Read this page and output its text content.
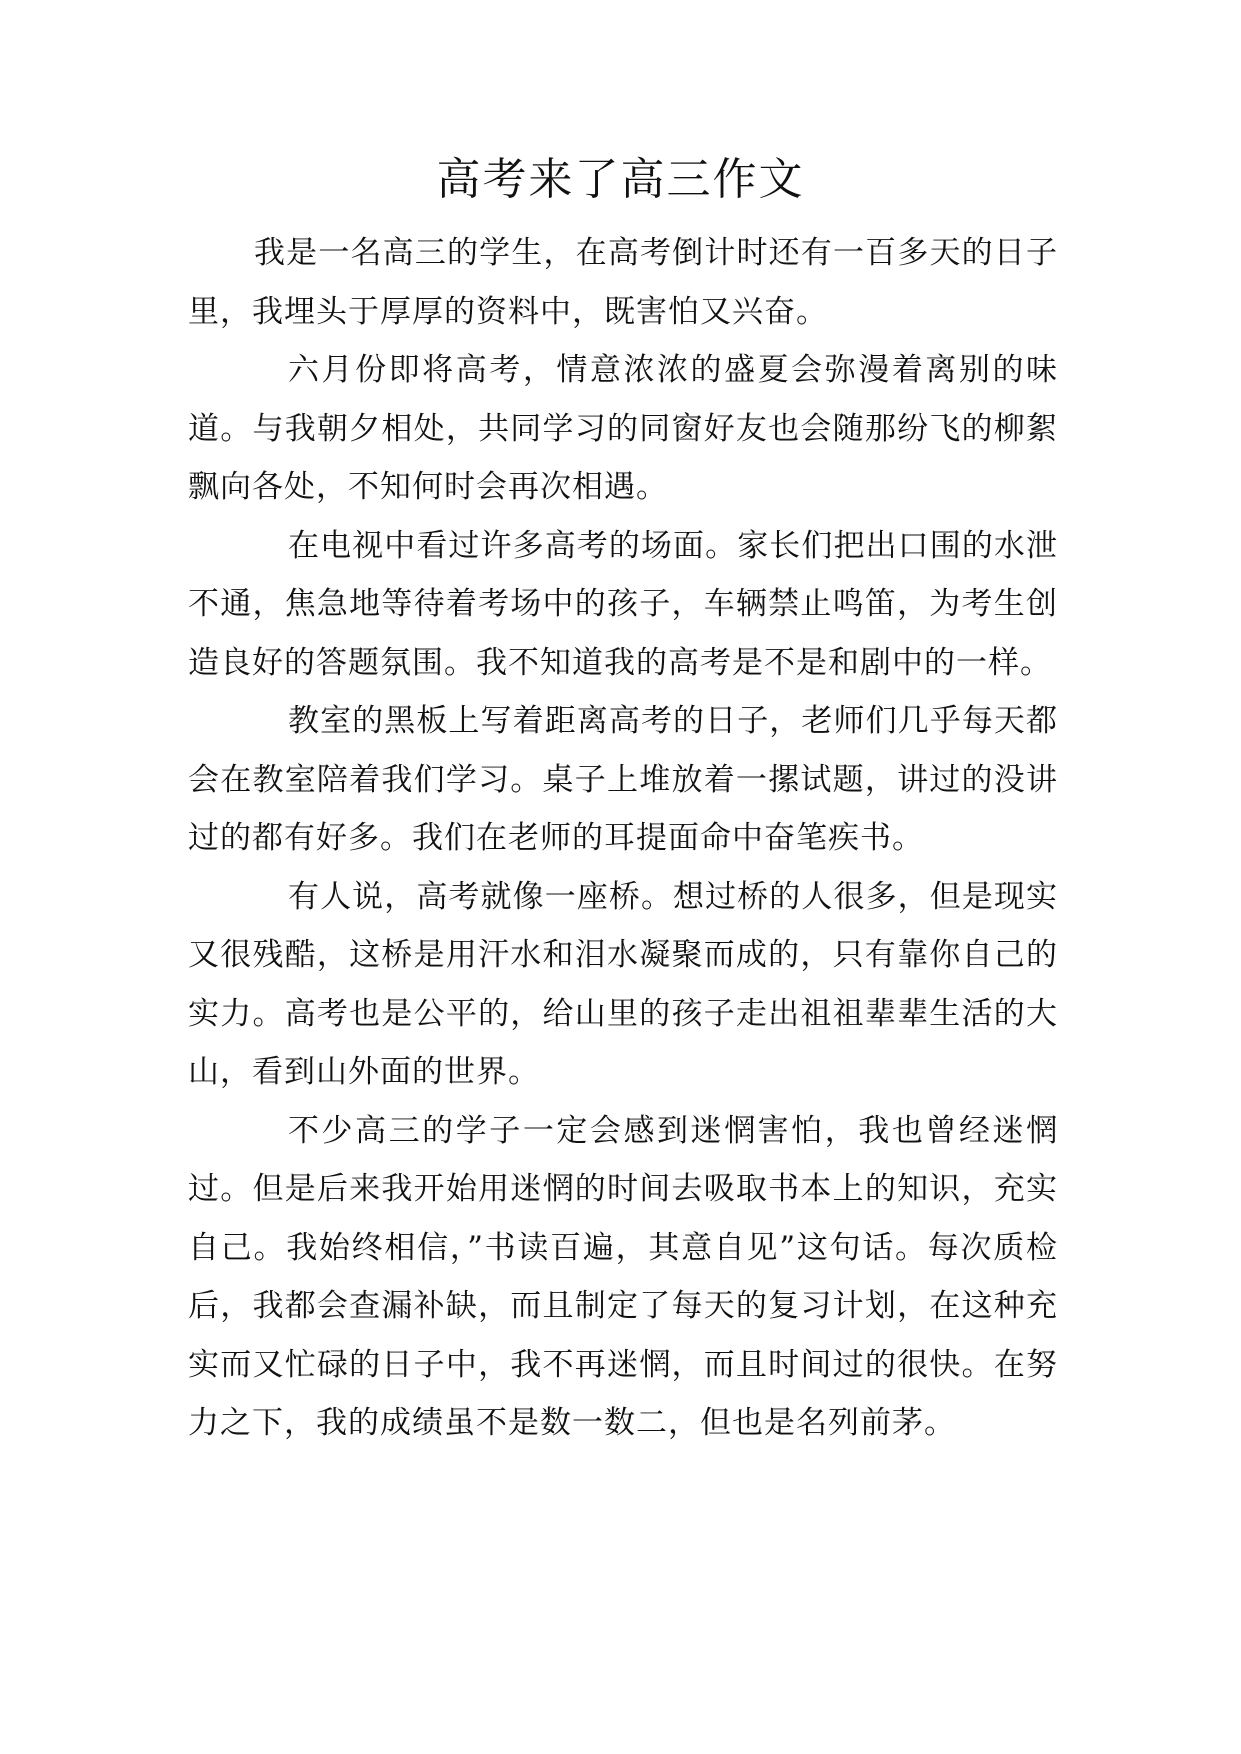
高考来了高三作文

我是一名高三的学生，在高考倒计时还有一百多天的日子里，我埋头于厚厚的资料中，既害怕又兴奋。

六月份即将高考，情意浓浓的盛夏会弥漫着离别的味道。与我朝夕相处，共同学习的同窗好友也会随那纷飞的柳絮飘向各处，不知何时会再次相遇。

在电视中看过许多高考的场面。家长们把出口围的水泄不通，焦急地等待着考场中的孩子，车辆禁止鸣笛，为考生创造良好的答题氛围。我不知道我的高考是不是和剧中的一样。

教室的黑板上写着距离高考的日子，老师们几乎每天都会在教室陪着我们学习。桌子上堆放着一摞试题，讲过的没讲过的都有好多。我们在老师的耳提面命中奋笔疾书。

有人说，高考就像一座桥。想过桥的人很多，但是现实又很残酷，这桥是用汗水和泪水凝聚而成的，只有靠你自己的实力。高考也是公平的，给山里的孩子走出祖祖辈辈生活的大山，看到山外面的世界。

不少高三的学子一定会感到迷惘害怕，我也曾经迷惘过。但是后来我开始用迷惘的时间去吸取书本上的知识，充实自己。我始终相信，”书读百遍，其意自见”这句话。每次质检后，我都会查漏补缺，而且制定了每天的复习计划，在这种充实而又忙碌的日子中，我不再迷惘，而且时间过的很快。在努力之下，我的成绩虽不是数一数二，但也是名列前茅。
